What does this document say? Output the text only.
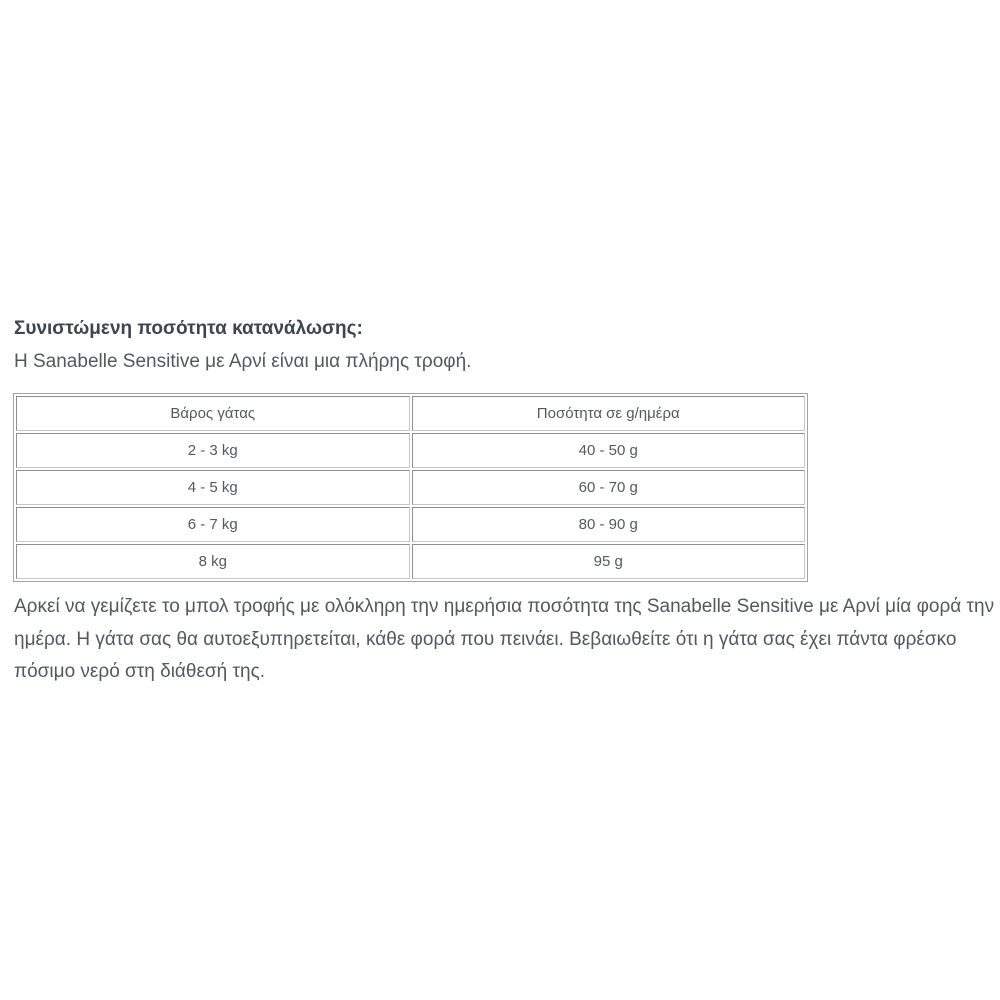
Συνιστώμενη ποσότητα κατανάλωσης:

Η Sanabelle Sensitive με Αρνί είναι μια πλήρης τροφή.

Βάρος γάτας	Ποσότητα σε g/ημέρα
2 - 3 kg	40 - 50 g
4 - 5 kg	60 - 70 g
6 - 7 kg	80 - 90 g
8 kg	95 g

Αρκεί να γεμίζετε το μπολ τροφής με ολόκληρη την ημερήσια ποσότητα της Sanabelle Sensitive με Αρνί μία φορά την ημέρα. Η γάτα σας θα αυτοεξυπηρετείται, κάθε φορά που πεινάει. Βεβαιωθείτε ότι η γάτα σας έχει πάντα φρέσκο πόσιμο νερό στη διάθεσή της.
